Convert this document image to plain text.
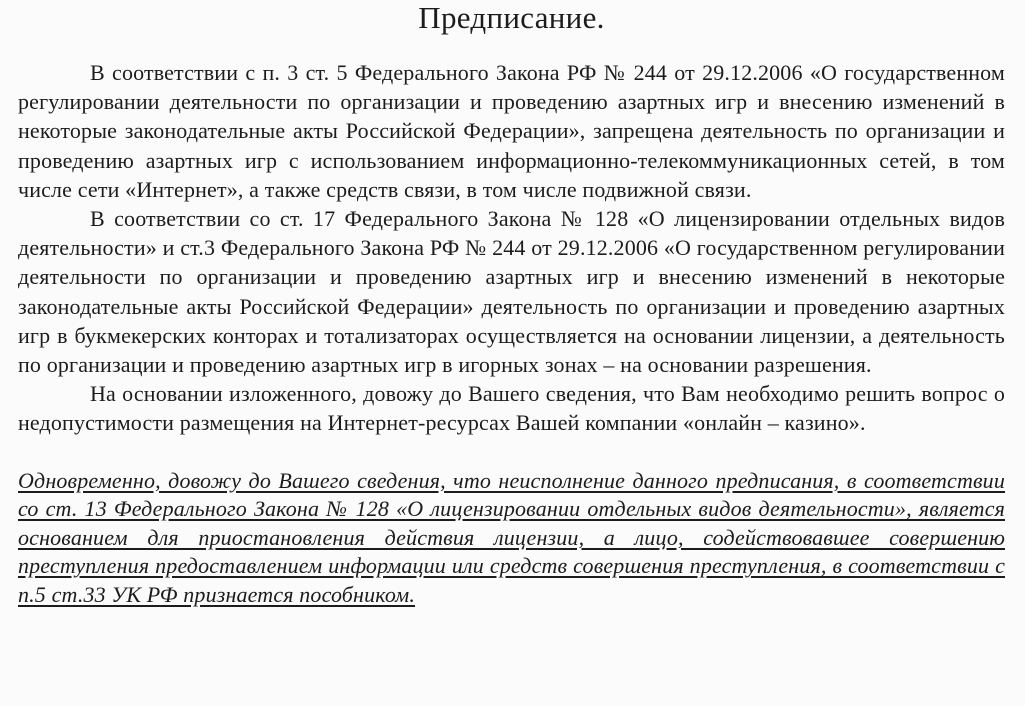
Предписание.

В соответствии с п. 3 ст. 5 Федерального Закона РФ № 244 от 29.12.2006 «О государственном регулировании деятельности по организации и проведению азартных игр и внесению изменений в некоторые законодательные акты Российской Федерации», запрещена деятельность по организации и проведению азартных игр с использованием информационно-телекоммуникационных сетей, в том числе сети «Интернет», а также средств связи, в том числе подвижной связи.

В соответствии со ст. 17 Федерального Закона № 128 «О лицензировании отдельных видов деятельности» и ст.3 Федерального Закона РФ № 244 от 29.12.2006 «О государственном регулировании деятельности по организации и проведению азартных игр и внесению изменений в некоторые законодательные акты Российской Федерации» деятельность по организации и проведению азартных игр в букмекерских конторах и тотализаторах осуществляется на основании лицензии, а деятельность по организации и проведению азартных игр в игорных зонах – на основании разрешения.

На основании изложенного, довожу до Вашего сведения, что Вам необходимо решить вопрос о недопустимости размещения на Интернет-ресурсах Вашей компании «онлайн – казино».

Одновременно, довожу до Вашего сведения, что неисполнение данного предписания, в соответствии со ст. 13 Федерального Закона № 128 «О лицензировании отдельных видов деятельности», является основанием для приостановления действия лицензии, а лицо, содействовавшее совершению преступления предоставлением информации или средств совершения преступления, в соответствии с п.5 ст.33 УК РФ признается пособником.
